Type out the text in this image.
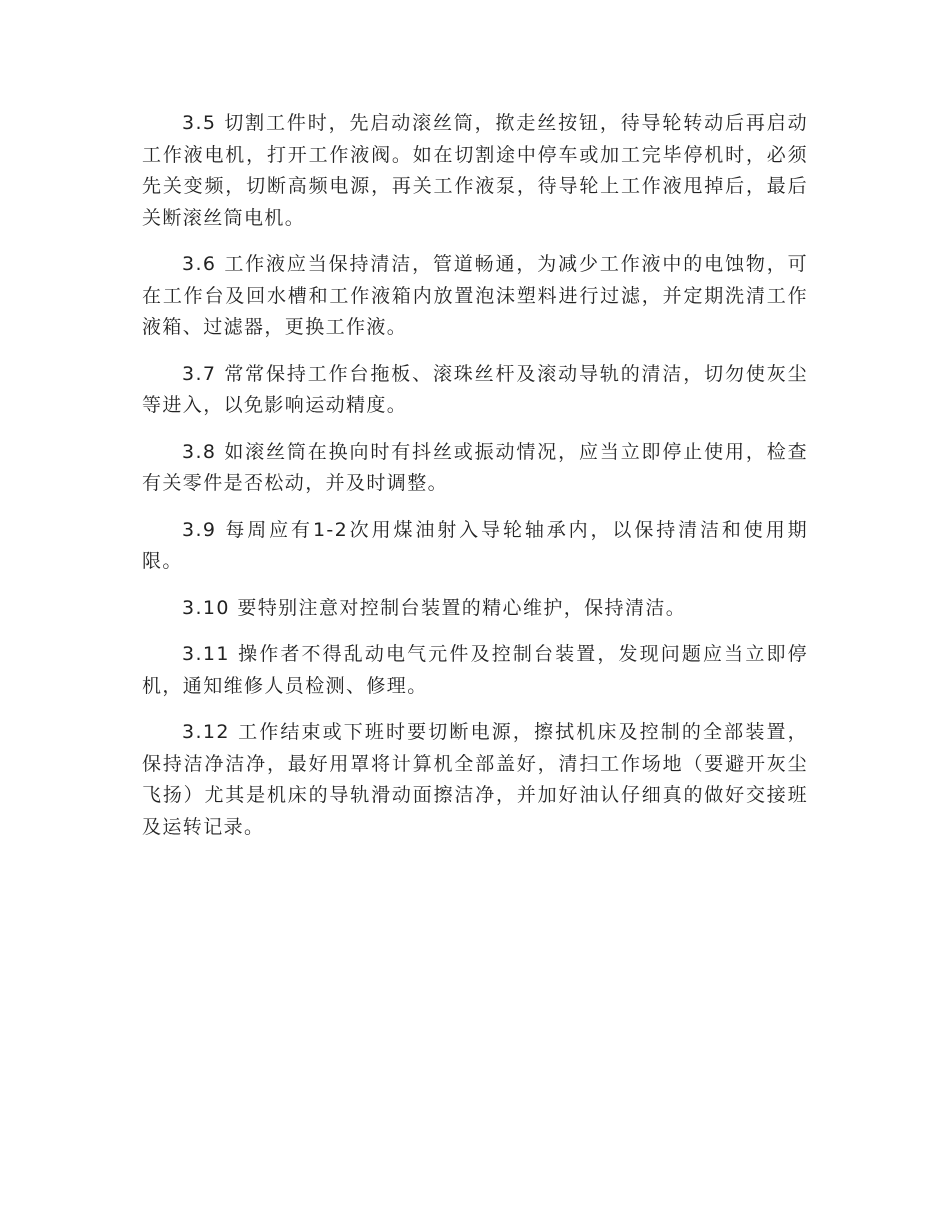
3.5 切割工件时，先启动滚丝筒，揿走丝按钮，待导轮转动后再启动工作液电机，打开工作液阀。如在切割途中停车或加工完毕停机时，必须先关变频，切断高频电源，再关工作液泵，待导轮上工作液甩掉后，最后关断滚丝筒电机。

3.6 工作液应当保持清洁，管道畅通，为减少工作液中的电蚀物，可在工作台及回水槽和工作液箱内放置泡沫塑料进行过滤，并定期洗清工作液箱、过滤器，更换工作液。

3.7 常常保持工作台拖板、滚珠丝杆及滚动导轨的清洁，切勿使灰尘等进入，以免影响运动精度。

3.8 如滚丝筒在换向时有抖丝或振动情况，应当立即停止使用，检查有关零件是否松动，并及时调整。

3.9 每周应有1-2次用煤油射入导轮轴承内，以保持清洁和使用期限。

3.10 要特别注意对控制台装置的精心维护，保持清洁。

3.11 操作者不得乱动电气元件及控制台装置，发现问题应当立即停机，通知维修人员检测、修理。

3.12 工作结束或下班时要切断电源，擦拭机床及控制的全部装置，保持洁净洁净，最好用罩将计算机全部盖好，清扫工作场地（要避开灰尘飞扬）尤其是机床的导轨滑动面擦洁净，并加好油认仔细真的做好交接班及运转记录。
